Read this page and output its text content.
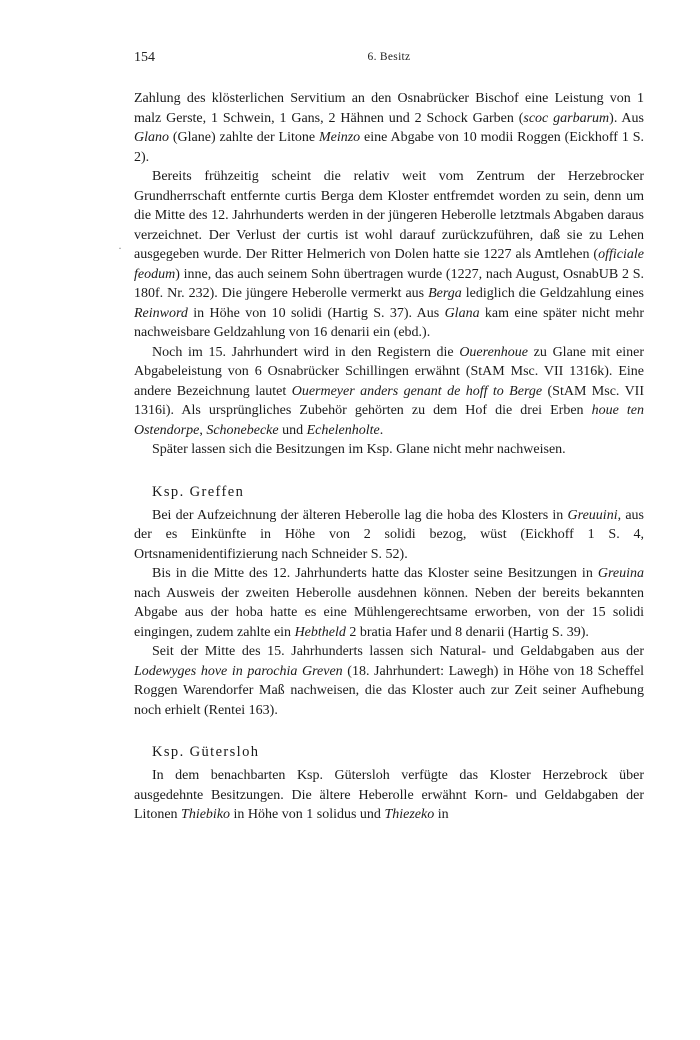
154	6. Besitz
·

Zahlung des klösterlichen Servitium an den Osnabrücker Bischof eine Leistung von 1 malz Gerste, 1 Schwein, 1 Gans, 2 Hähnen und 2 Schock Garben (scoc garbarum). Aus Glano (Glane) zahlte der Litone Meinzo eine Abgabe von 10 modii Roggen (Eickhoff 1 S. 2).

Bereits frühzeitig scheint die relativ weit vom Zentrum der Herzebrocker Grundherrschaft entfernte curtis Berga dem Kloster entfremdet worden zu sein, denn um die Mitte des 12. Jahrhunderts werden in der jüngeren Heberolle letztmals Abgaben daraus verzeichnet. Der Verlust der curtis ist wohl darauf zurückzuführen, daß sie zu Lehen ausgegeben wurde. Der Ritter Helmerich von Dolen hatte sie 1227 als Amtlehen (officiale feodum) inne, das auch seinem Sohn übertragen wurde (1227, nach August, OsnabUB 2 S. 180f. Nr. 232). Die jüngere Heberolle vermerkt aus Berga lediglich die Geldzahlung eines Reinword in Höhe von 10 solidi (Hartig S. 37). Aus Glana kam eine später nicht mehr nachweisbare Geldzahlung von 16 denarii ein (ebd.).

Noch im 15. Jahrhundert wird in den Registern die Ouerenhoue zu Glane mit einer Abgabeleistung von 6 Osnabrücker Schillingen erwähnt (StAM Msc. VII 1316k). Eine andere Bezeichnung lautet Ouermeyer anders genant de hoff to Berge (StAM Msc. VII 1316i). Als ursprüngliches Zubehör gehörten zu dem Hof die drei Erben houe ten Ostendorpe, Schonebecke und Echelenholte.

Später lassen sich die Besitzungen im Ksp. Glane nicht mehr nachweisen.

Ksp. Greffen

Bei der Aufzeichnung der älteren Heberolle lag die hoba des Klosters in Greuuini, aus der es Einkünfte in Höhe von 2 solidi bezog, wüst (Eickhoff 1 S. 4, Ortsnamenidentifizierung nach Schneider S. 52).

Bis in die Mitte des 12. Jahrhunderts hatte das Kloster seine Besitzungen in Greuina nach Ausweis der zweiten Heberolle ausdehnen können. Neben der bereits bekannten Abgabe aus der hoba hatte es eine Mühlengerechtsame erworben, von der 15 solidi eingingen, zudem zahlte ein Hebtheld 2 bratia Hafer und 8 denarii (Hartig S. 39).

Seit der Mitte des 15. Jahrhunderts lassen sich Natural- und Geldabgaben aus der Lodewyges hove in parochia Greven (18. Jahrhundert: Lawegh) in Höhe von 18 Scheffel Roggen Warendorfer Maß nachweisen, die das Kloster auch zur Zeit seiner Aufhebung noch erhielt (Rentei 163).

Ksp. Gütersloh

In dem benachbarten Ksp. Gütersloh verfügte das Kloster Herzebrock über ausgedehnte Besitzungen. Die ältere Heberolle erwähnt Korn- und Geldabgaben der Litonen Thiebiko in Höhe von 1 solidus und Thiezeko in
